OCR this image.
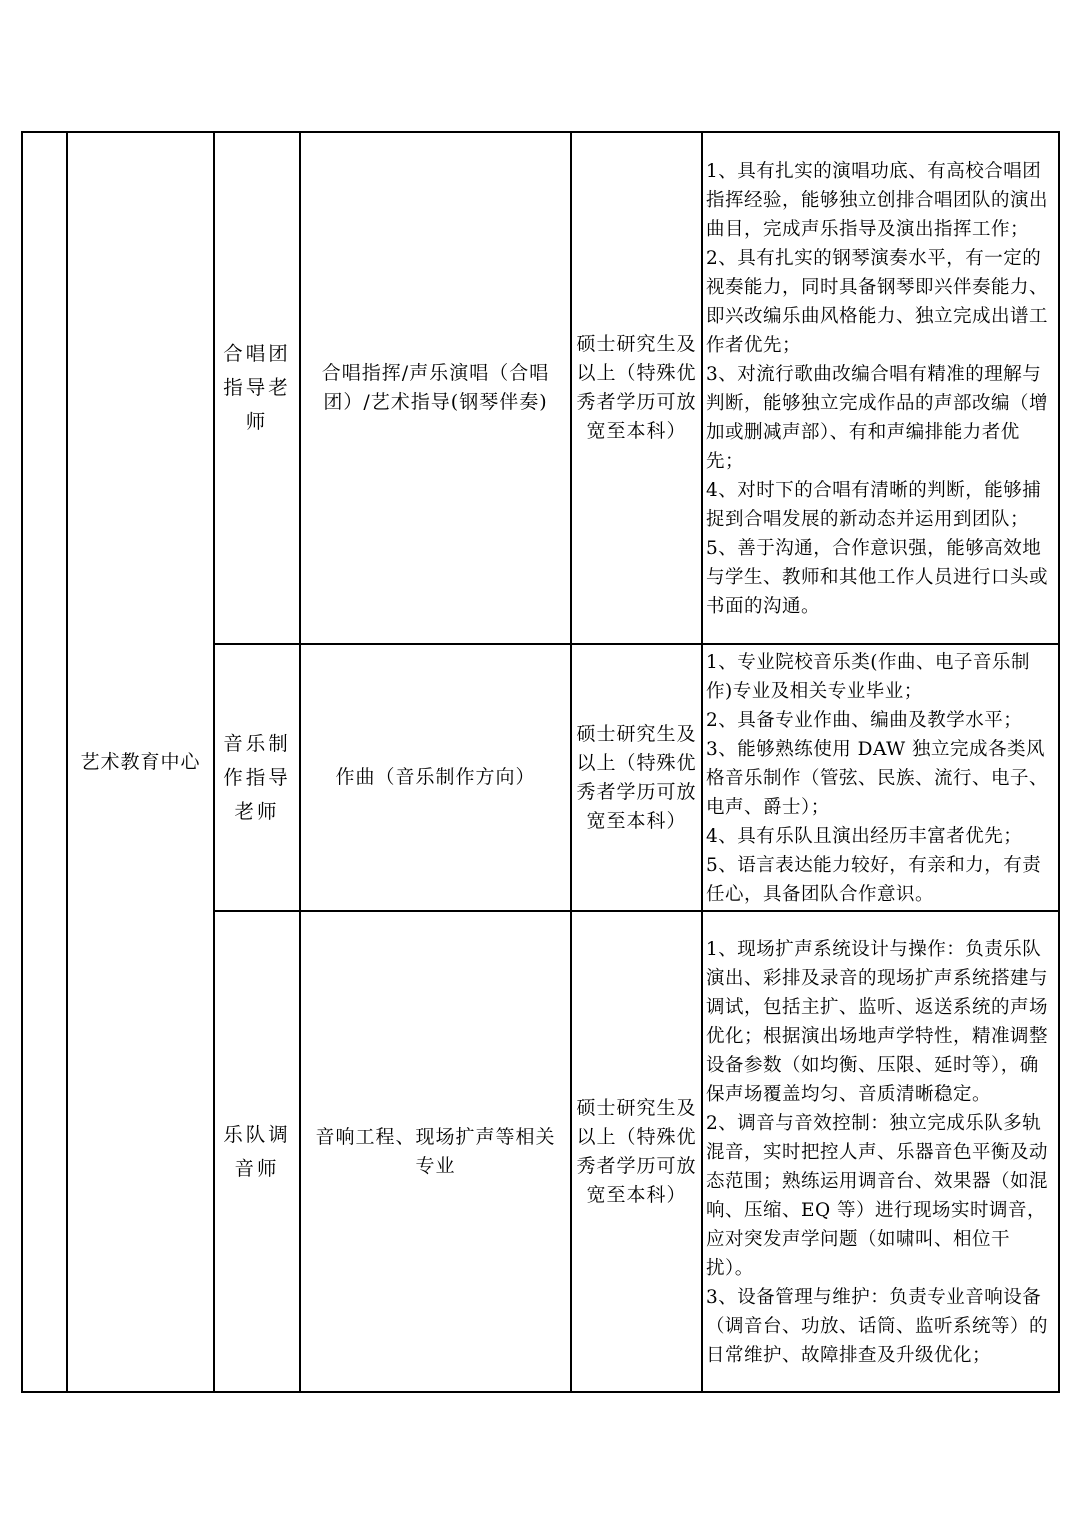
	艺术教育中心	合唱团指导老师	合唱指挥/声乐演唱（合唱团）/艺术指导(钢琴伴奏)	硕士研究生及以上（特殊优秀者学历可放宽至本科）	1、具有扎实的演唱功底、有高校合唱团指挥经验，能够独立创排合唱团队的演出曲目，完成声乐指导及演出指挥工作；
2、具有扎实的钢琴演奏水平，有一定的视奏能力，同时具备钢琴即兴伴奏能力、即兴改编乐曲风格能力、独立完成出谱工作者优先；
3、对流行歌曲改编合唱有精准的理解与判断，能够独立完成作品的声部改编（增加或删减声部）、有和声编排能力者优先；
4、对时下的合唱有清晰的判断，能够捕捉到合唱发展的新动态并运用到团队；
5、善于沟通，合作意识强，能够高效地与学生、教师和其他工作人员进行口头或书面的沟通。

		音乐制作指导老师	作曲（音乐制作方向）	硕士研究生及以上（特殊优秀者学历可放宽至本科）	1、专业院校音乐类(作曲、电子音乐制作)专业及相关专业毕业；
2、具备专业作曲、编曲及教学水平；
3、能够熟练使用 DAW 独立完成各类风格音乐制作（管弦、民族、流行、电子、电声、爵士）；
4、具有乐队且演出经历丰富者优先；
5、语言表达能力较好，有亲和力，有责任心，具备团队合作意识。

		乐队调音师	音响工程、现场扩声等相关专业	硕士研究生及以上（特殊优秀者学历可放宽至本科）	1、现场扩声系统设计与操作：负责乐队演出、彩排及录音的现场扩声系统搭建与调试，包括主扩、监听、返送系统的声场优化；根据演出场地声学特性，精准调整设备参数（如均衡、压限、延时等），确保声场覆盖均匀、音质清晰稳定。
2、调音与音效控制：独立完成乐队多轨混音，实时把控人声、乐器音色平衡及动态范围；熟练运用调音台、效果器（如混响、压缩、EQ 等）进行现场实时调音，应对突发声学问题（如啸叫、相位干扰）。
3、设备管理与维护：负责专业音响设备（调音台、功放、话筒、监听系统等）的日常维护、故障排查及升级优化；
